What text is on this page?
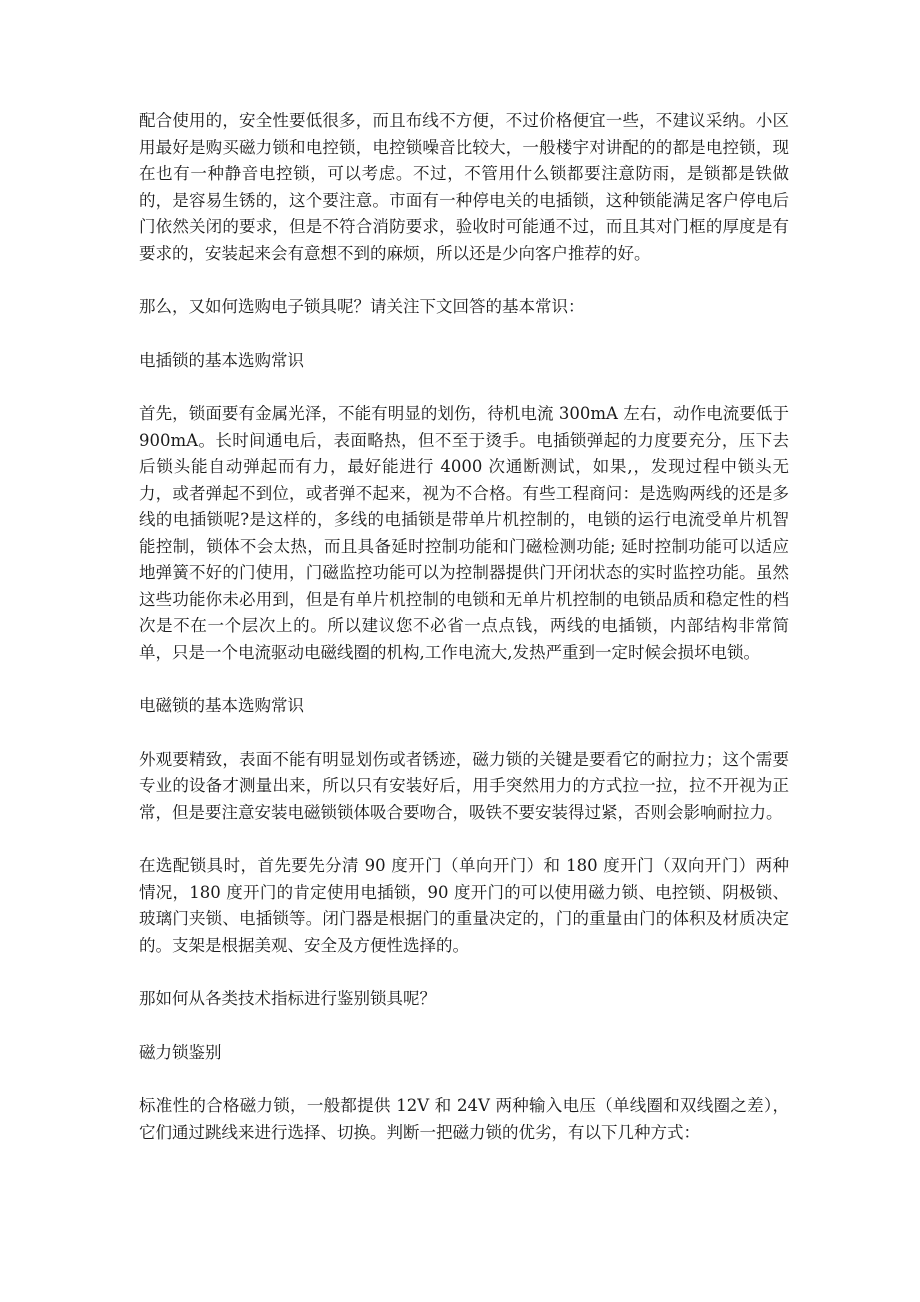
配合使用的，安全性要低很多，而且布线不方便，不过价格便宜一些，不建议采纳。小区用最好是购买磁力锁和电控锁，电控锁噪音比较大，一般楼宇对讲配的的都是电控锁，现在也有一种静音电控锁，可以考虑。不过，不管用什么锁都要注意防雨，是锁都是铁做的，是容易生锈的，这个要注意。市面有一种停电关的电插锁，这种锁能满足客户停电后门依然关闭的要求，但是不符合消防要求，验收时可能通不过，而且其对门框的厚度是有要求的，安装起来会有意想不到的麻烦，所以还是少向客户推荐的好。

那么，又如何选购电子锁具呢？请关注下文回答的基本常识：

电插锁的基本选购常识

首先，锁面要有金属光泽，不能有明显的划伤，待机电流 300mA 左右，动作电流要低于 900mA。长时间通电后，表面略热，但不至于烫手。电插锁弹起的力度要充分，压下去后锁头能自动弹起而有力，最好能进行 4000 次通断测试，如果,，发现过程中锁头无力，或者弹起不到位，或者弹不起来，视为不合格。有些工程商问：是选购两线的还是多线的电插锁呢?是这样的，多线的电插锁是带单片机控制的，电锁的运行电流受单片机智能控制，锁体不会太热，而且具备延时控制功能和门磁检测功能; 延时控制功能可以适应地弹簧不好的门使用，门磁监控功能可以为控制器提供门开闭状态的实时监控功能。虽然这些功能你未必用到，但是有单片机控制的电锁和无单片机控制的电锁品质和稳定性的档次是不在一个层次上的。所以建议您不必省一点点钱，两线的电插锁，内部结构非常简单，只是一个电流驱动电磁线圈的机构,工作电流大,发热严重到一定时候会损坏电锁。

电磁锁的基本选购常识

外观要精致，表面不能有明显划伤或者锈迹，磁力锁的关键是要看它的耐拉力；这个需要专业的设备才测量出来，所以只有安装好后，用手突然用力的方式拉一拉，拉不开视为正常，但是要注意安装电磁锁锁体吸合要吻合，吸铁不要安装得过紧，否则会影响耐拉力。

在选配锁具时，首先要先分清 90 度开门（单向开门）和 180 度开门（双向开门）两种情况，180 度开门的肯定使用电插锁，90 度开门的可以使用磁力锁、电控锁、阴极锁、玻璃门夹锁、电插锁等。闭门器是根据门的重量决定的，门的重量由门的体积及材质决定的。支架是根据美观、安全及方便性选择的。

那如何从各类技术指标进行鉴别锁具呢？

磁力锁鉴别

标准性的合格磁力锁，一般都提供 12V 和 24V 两种输入电压（单线圈和双线圈之差），它们通过跳线来进行选择、切换。判断一把磁力锁的优劣，有以下几种方式：
